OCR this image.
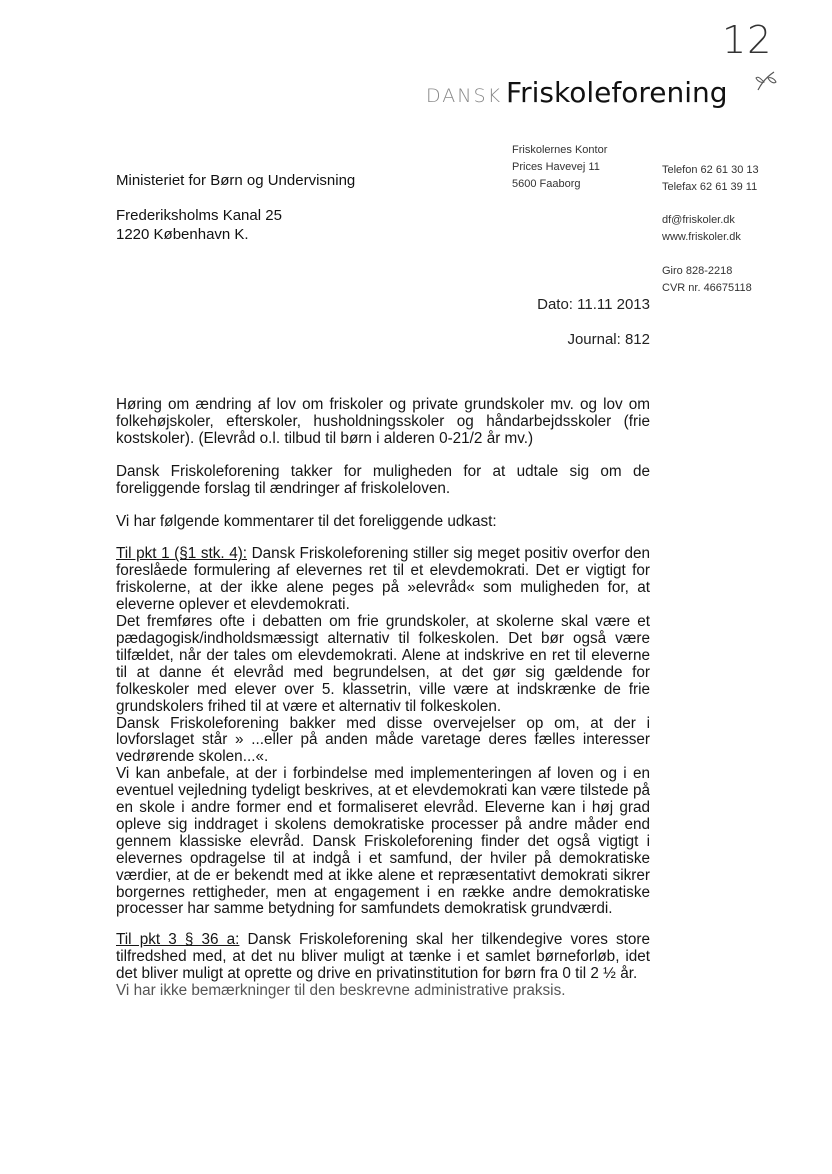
12
DANSK Friskoleforening
Friskolernes Kontor
Prices Havevej 11
5600 Faaborg
Telefon 62 61 30 13
Telefax 62 61 39 11
df@friskoler.dk
www.friskoler.dk
Giro 828-2218
CVR nr. 46675118
Ministeriet for Børn og Undervisning
Frederiksholms Kanal 25
1220 København K.
Dato: 11.11 2013
Journal: 812

Høring om ændring af lov om friskoler og private grundskoler mv. og lov om folkehøjskoler, efterskoler, husholdningsskoler og håndarbejdsskoler (frie kostskoler). (Elevråd o.l. tilbud til børn i alderen 0-21/2 år mv.)

Dansk Friskoleforening takker for muligheden for at udtale sig om de foreliggende forslag til ændringer af friskoleloven.

Vi har følgende kommentarer til det foreliggende udkast:

Til pkt 1 (§1 stk. 4): Dansk Friskoleforening stiller sig meget positiv overfor den foreslåede formulering af elevernes ret til et elevdemokrati. Det er vigtigt for friskolerne, at der ikke alene peges på »elevråd« som muligheden for, at eleverne oplever et elevdemokrati.

Det fremføres ofte i debatten om frie grundskoler, at skolerne skal være et pædagogisk/indholdsmæssigt alternativ til folkeskolen. Det bør også være tilfældet, når der tales om elevdemokrati. Alene at indskrive en ret til eleverne til at danne ét elevråd med begrundelsen, at det gør sig gældende for folkeskoler med elever over 5. klassetrin, ville være at indskrænke de frie grundskolers frihed til at være et alternativ til folkeskolen.

Dansk Friskoleforening bakker med disse overvejelser op om, at der i lovforslaget står » ...eller på anden måde varetage deres fælles interesser vedrørende skolen...«.

Vi kan anbefale, at der i forbindelse med implementeringen af loven og i en eventuel vejledning tydeligt beskrives, at et elevdemokrati kan være tilstede på en skole i andre former end et formaliseret elevråd. Eleverne kan i høj grad opleve sig inddraget i skolens demokratiske processer på andre måder end gennem klassiske elevråd. Dansk Friskoleforening finder det også vigtigt i elevernes opdragelse til at indgå i et samfund, der hviler på demokratiske værdier, at de er bekendt med at ikke alene et repræsentativt demokrati sikrer borgernes rettigheder, men at engagement i en række andre demokratiske processer har samme betydning for samfundets demokratisk grundværdi.

Til pkt 3 § 36 a: Dansk Friskoleforening skal her tilkendegive vores store tilfredshed med, at det nu bliver muligt at tænke i et samlet børneforløb, idet det bliver muligt at oprette og drive en privatinstitution for børn fra 0 til 2 ½ år.

Vi har ikke bemærkninger til den beskrevne administrative praksis.
